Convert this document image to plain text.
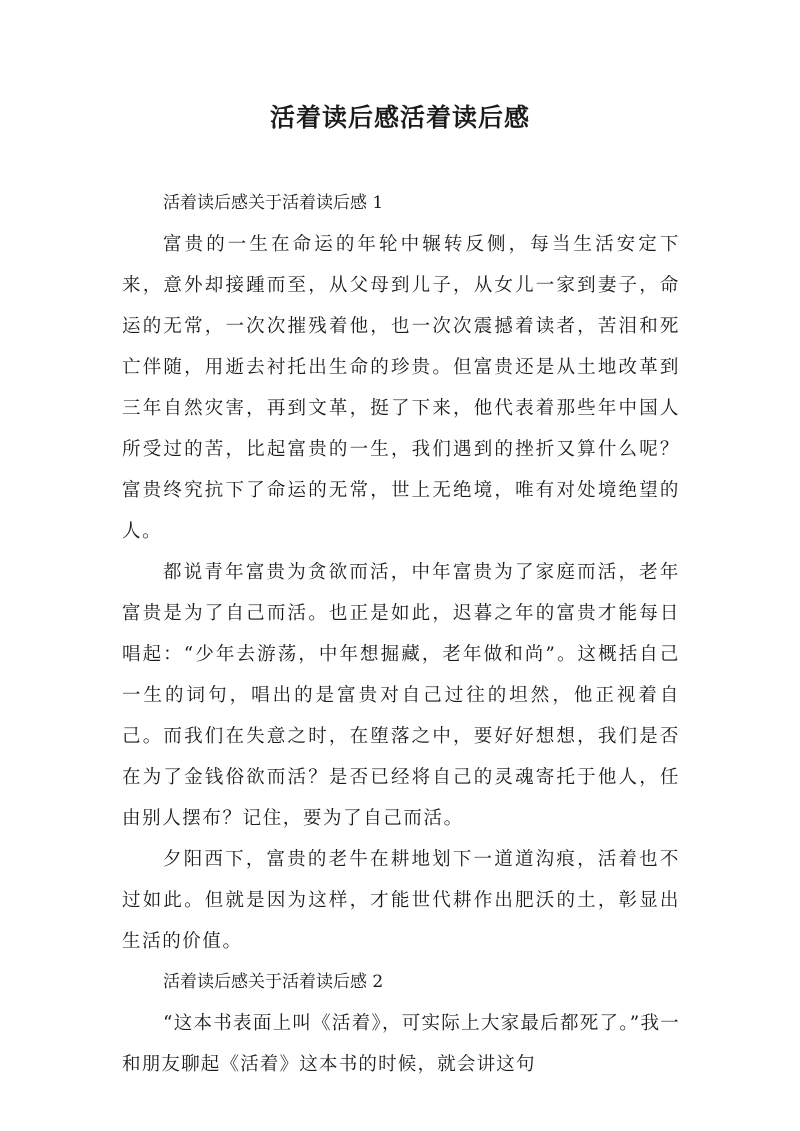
活着读后感活着读后感
活着读后感关于活着读后感 1

富贵的一生在命运的年轮中辗转反侧，每当生活安定下来，意外却接踵而至，从父母到儿子，从女儿一家到妻子，命运的无常，一次次摧残着他，也一次次震撼着读者，苦泪和死亡伴随，用逝去衬托出生命的珍贵。但富贵还是从土地改革到三年自然灾害，再到文革，挺了下来，他代表着那些年中国人所受过的苦，比起富贵的一生，我们遇到的挫折又算什么呢？富贵终究抗下了命运的无常，世上无绝境，唯有对处境绝望的人。

都说青年富贵为贪欲而活，中年富贵为了家庭而活，老年富贵是为了自己而活。也正是如此，迟暮之年的富贵才能每日唱起：“少年去游荡，中年想掘藏，老年做和尚”。这概括自己一生的词句，唱出的是富贵对自己过往的坦然，他正视着自己。而我们在失意之时，在堕落之中，要好好想想，我们是否在为了金钱俗欲而活？是否已经将自己的灵魂寄托于他人，任由别人摆布？记住，要为了自己而活。

夕阳西下，富贵的老牛在耕地划下一道道沟痕，活着也不过如此。但就是因为这样，才能世代耕作出肥沃的土，彰显出生活的价值。

活着读后感关于活着读后感 2

“这本书表面上叫《活着》，可实际上大家最后都死了。”我一和朋友聊起《活着》这本书的时候，就会讲这句
